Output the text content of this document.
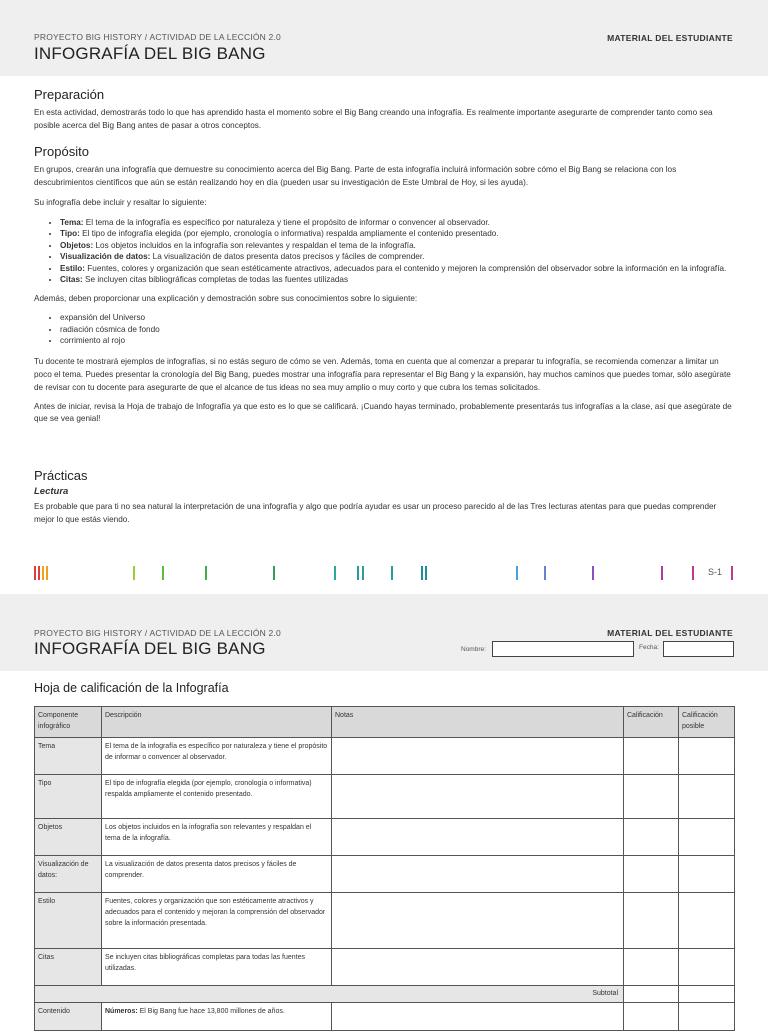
PROYECTO BIG HISTORY / ACTIVIDAD DE LA LECCIÓN 2.0
INFOGRAFÍA DEL BIG BANG
MATERIAL DEL ESTUDIANTE
Preparación

En esta actividad, demostrarás todo lo que has aprendido hasta el momento sobre el Big Bang creando una infografía. Es realmente importante asegurarte de comprender tanto como sea posible acerca del Big Bang antes de pasar a otros conceptos.

Propósito

En grupos, crearán una infografía que demuestre su conocimiento acerca del Big Bang. Parte de esta infografía incluirá información sobre cómo el Big Bang se relaciona con los descubrimientos científicos que aún se están realizando hoy en día (pueden usar su investigación de Este Umbral de Hoy, si les ayuda).

Su infografía debe incluir y resaltar lo siguiente:

• Tema: El tema de la infografía es específico por naturaleza y tiene el propósito de informar o convencer al observador.
• Tipo: El tipo de infografía elegida (por ejemplo, cronología o informativa) respalda ampliamente el contenido presentado.
• Objetos: Los objetos incluidos en la infografía son relevantes y respaldan el tema de la infografía.
• Visualización de datos: La visualización de datos presenta datos precisos y fáciles de comprender.
• Estilo: Fuentes, colores y organización que sean estéticamente atractivos, adecuados para el contenido y mejoren la comprensión del observador sobre la información en la infografía.
• Citas: Se incluyen citas bibliográficas completas de todas las fuentes utilizadas

Además, deben proporcionar una explicación y demostración sobre sus conocimientos sobre lo siguiente:

• expansión del Universo
• radiación cósmica de fondo
• corrimiento al rojo

Tu docente te mostrará ejemplos de infografías, si no estás seguro de cómo se ven. Además, toma en cuenta que al comenzar a preparar tu infografía, se recomienda comenzar a limitar un poco el tema. Puedes presentar la cronología del Big Bang, puedes mostrar una infografía para representar el Big Bang y la expansión, hay muchos caminos que puedes tomar, sólo asegúrate de revisar con tu docente para asegurarte de que el alcance de tus ideas no sea muy amplio o muy corto y que cubra los temas solicitados.

Antes de iniciar, revisa la Hoja de trabajo de Infografía ya que esto es lo que se calificará. ¡Cuando hayas terminado, probablemente presentarás tus infografías a la clase, así que asegúrate de que se vea genial!

Prácticas
Lectura

Es probable que para ti no sea natural la interpretación de una infografía y algo que podría ayudar es usar un proceso parecido al de las Tres lecturas atentas para que puedas comprender mejor lo que estás viendo.

S-1
PROYECTO BIG HISTORY / ACTIVIDAD DE LA LECCIÓN 2.0
INFOGRAFÍA DEL BIG BANG
MATERIAL DEL ESTUDIANTE
Nombre:	Fecha:
Hoja de calificación de la Infografía
Componente infográfico	Descripción	Notas	Calificación	Calificación posible
Tema	El tema de la infografía es específico por naturaleza y tiene el propósito de informar o convencer al observador.			
Tipo	El tipo de infografía elegida (por ejemplo, cronología o informativa) respalda ampliamente el contenido presentado.			
Objetos	Los objetos incluidos en la infografía son relevantes y respaldan el tema de la infografía.			
Visualización de datos:	La visualización de datos presenta datos precisos y fáciles de comprender.			
Estilo	Fuentes, colores y organización que son estéticamente atractivos y adecuados para el contenido y mejoran la comprensión del observador sobre la información presentada.			
Citas	Se incluyen citas bibliográficas completas para todas las fuentes utilizadas.			
Subtotal				
Contenido	Números: El Big Bang fue hace 13,800 millones de años.			
